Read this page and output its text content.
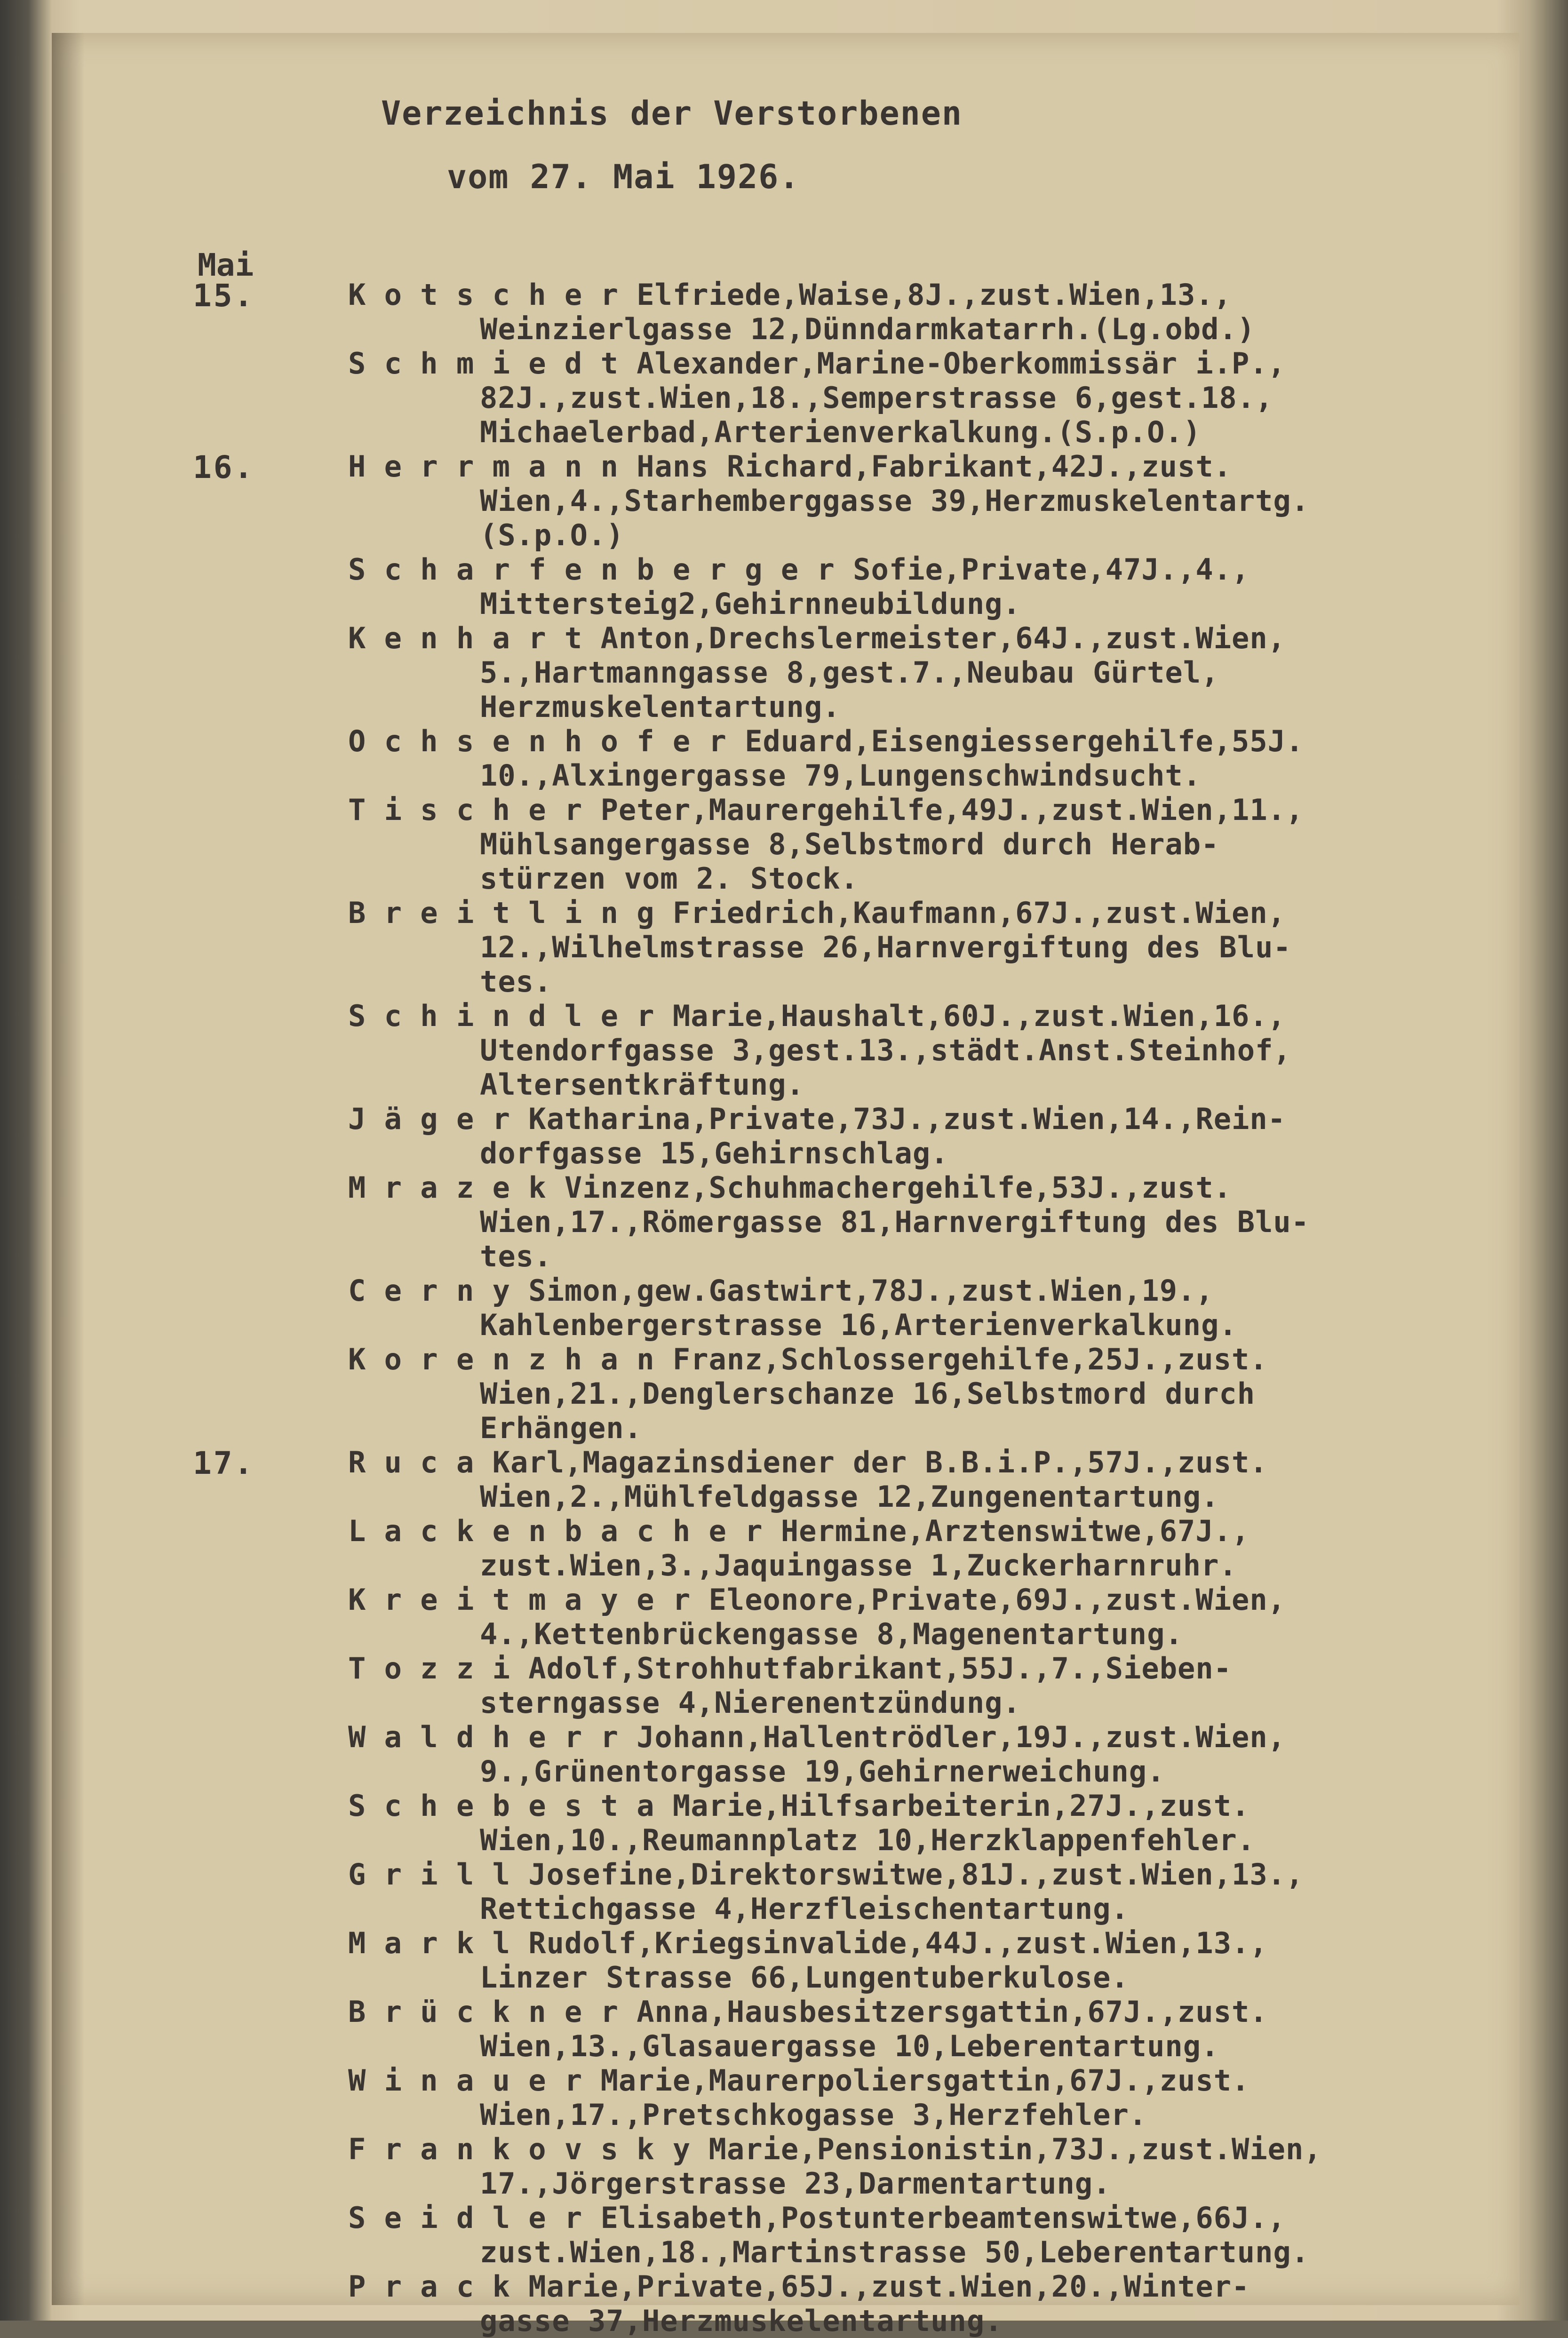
Verzeichnis der Verstorbenen
vom 27. Mai 1926.
Mai
15.	K o t s c h e r Elfriede,Waise,8J.,zust.Wien,13.,
Weinzierlgasse 12,Dünndarmkatarrh.(Lg.obd.)
S c h m i e d t Alexander,Marine-Oberkommissär i.P.,
82J.,zust.Wien,18.,Semperstrasse 6,gest.18.,
Michaelerbad,Arterienverkalkung.(S.p.O.)
16.	H e r r m a n n Hans Richard,Fabrikant,42J.,zust.
Wien,4.,Starhemberggasse 39,Herzmuskelentartg.
(S.p.O.)
S c h a r f e n b e r g e r Sofie,Private,47J.,4.,
Mittersteig2,Gehirnneubildung.
K e n h a r t Anton,Drechslermeister,64J.,zust.Wien,
5.,Hartmanngasse 8,gest.7.,Neubau Gürtel,
Herzmuskelentartung.
O c h s e n h o f e r Eduard,Eisengiessergehilfe,55J.
10.,Alxingergasse 79,Lungenschwindsucht.
T i s c h e r Peter,Maurergehilfe,49J.,zust.Wien,11.,
Mühlsangergasse 8,Selbstmord durch Herab-
stürzen vom 2. Stock.
B r e i t l i n g Friedrich,Kaufmann,67J.,zust.Wien,
12.,Wilhelmstrasse 26,Harnvergiftung des Blu-
tes.
S c h i n d l e r Marie,Haushalt,60J.,zust.Wien,16.,
Utendorfgasse 3,gest.13.,städt.Anst.Steinhof,
Altersentkräftung.
J ä g e r Katharina,Private,73J.,zust.Wien,14.,Rein-
dorfgasse 15,Gehirnschlag.
M r a z e k Vinzenz,Schuhmachergehilfe,53J.,zust.
Wien,17.,Römergasse 81,Harnvergiftung des Blu-
tes.
C e r n y Simon,gew.Gastwirt,78J.,zust.Wien,19.,
Kahlenbergerstrasse 16,Arterienverkalkung.
K o r e n z h a n Franz,Schlossergehilfe,25J.,zust.
Wien,21.,Denglerschanze 16,Selbstmord durch
Erhängen.
17.	R u c a Karl,Magazinsdiener der B.B.i.P.,57J.,zust.
Wien,2.,Mühlfeldgasse 12,Zungenentartung.
L a c k e n b a c h e r Hermine,Arztenswitwe,67J.,
zust.Wien,3.,Jaquingasse 1,Zuckerharnruhr.
K r e i t m a y e r Eleonore,Private,69J.,zust.Wien,
4.,Kettenbrückengasse 8,Magenentartung.
T o z z i Adolf,Strohhutfabrikant,55J.,7.,Sieben-
sterngasse 4,Nierenentzündung.
W a l d h e r r Johann,Hallentrödler,19J.,zust.Wien,
9.,Grünentorgasse 19,Gehirnerweichung.
S c h e b e s t a Marie,Hilfsarbeiterin,27J.,zust.
Wien,10.,Reumannplatz 10,Herzklappenfehler.
G r i l l Josefine,Direktorswitwe,81J.,zust.Wien,13.,
Rettichgasse 4,Herzfleischentartung.
M a r k l Rudolf,Kriegsinvalide,44J.,zust.Wien,13.,
Linzer Strasse 66,Lungentuberkulose.
B r ü c k n e r Anna,Hausbesitzersgattin,67J.,zust.
Wien,13.,Glasauergasse 10,Leberentartung.
W i n a u e r Marie,Maurerpoliersgattin,67J.,zust.
Wien,17.,Pretschkogasse 3,Herzfehler.
F r a n k o v s k y Marie,Pensionistin,73J.,zust.Wien,
17.,Jörgerstrasse 23,Darmentartung.
S e i d l e r Elisabeth,Postunterbeamtenswitwe,66J.,
zust.Wien,18.,Martinstrasse 50,Leberentartung.
P r a c k Marie,Private,65J.,zust.Wien,20.,Winter-
gasse 37,Herzmuskelentartung.
